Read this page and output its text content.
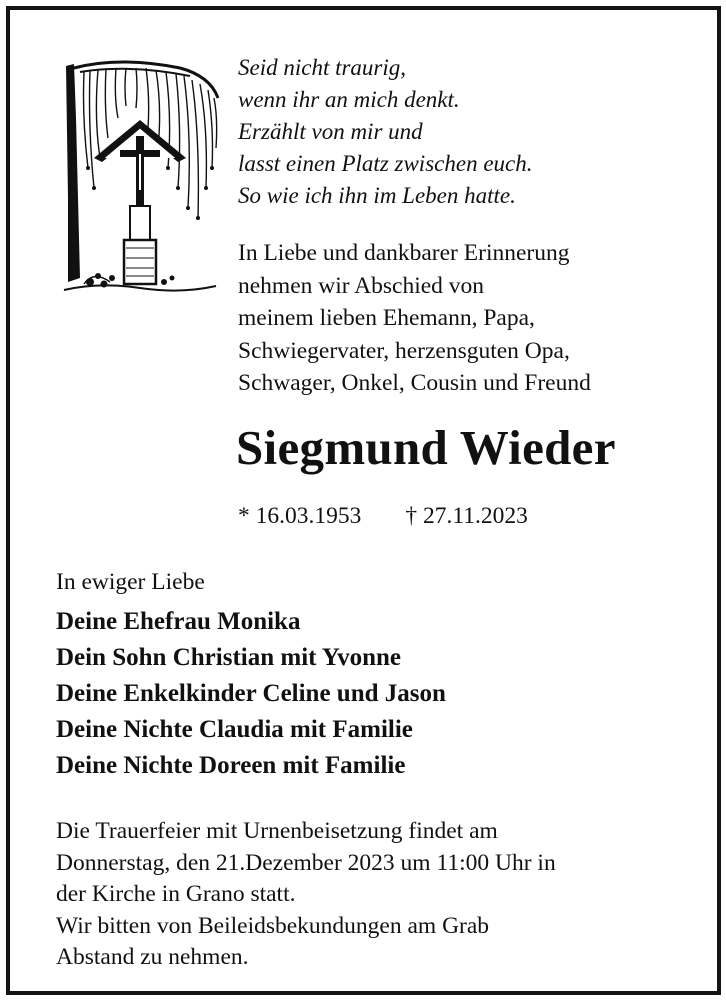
Seid nicht traurig,
wenn ihr an mich denkt.
Erzählt von mir und
lasst einen Platz zwischen euch.
So wie ich ihn im Leben hatte.
In Liebe und dankbarer Erinnerung
nehmen wir Abschied von
meinem lieben Ehemann, Papa,
Schwiegervater, herzensguten Opa,
Schwager, Onkel, Cousin und Freund
Siegmund Wieder
* 16.03.1953 † 27.11.2023
In ewiger Liebe
Deine Ehefrau Monika
Dein Sohn Christian mit Yvonne
Deine Enkelkinder Celine und Jason
Deine Nichte Claudia mit Familie
Deine Nichte Doreen mit Familie
Die Trauerfeier mit Urnenbeisetzung findet am
Donnerstag, den 21.Dezember 2023 um 11:00 Uhr in
der Kirche in Grano statt.
Wir bitten von Beileidsbekundungen am Grab
Abstand zu nehmen.
